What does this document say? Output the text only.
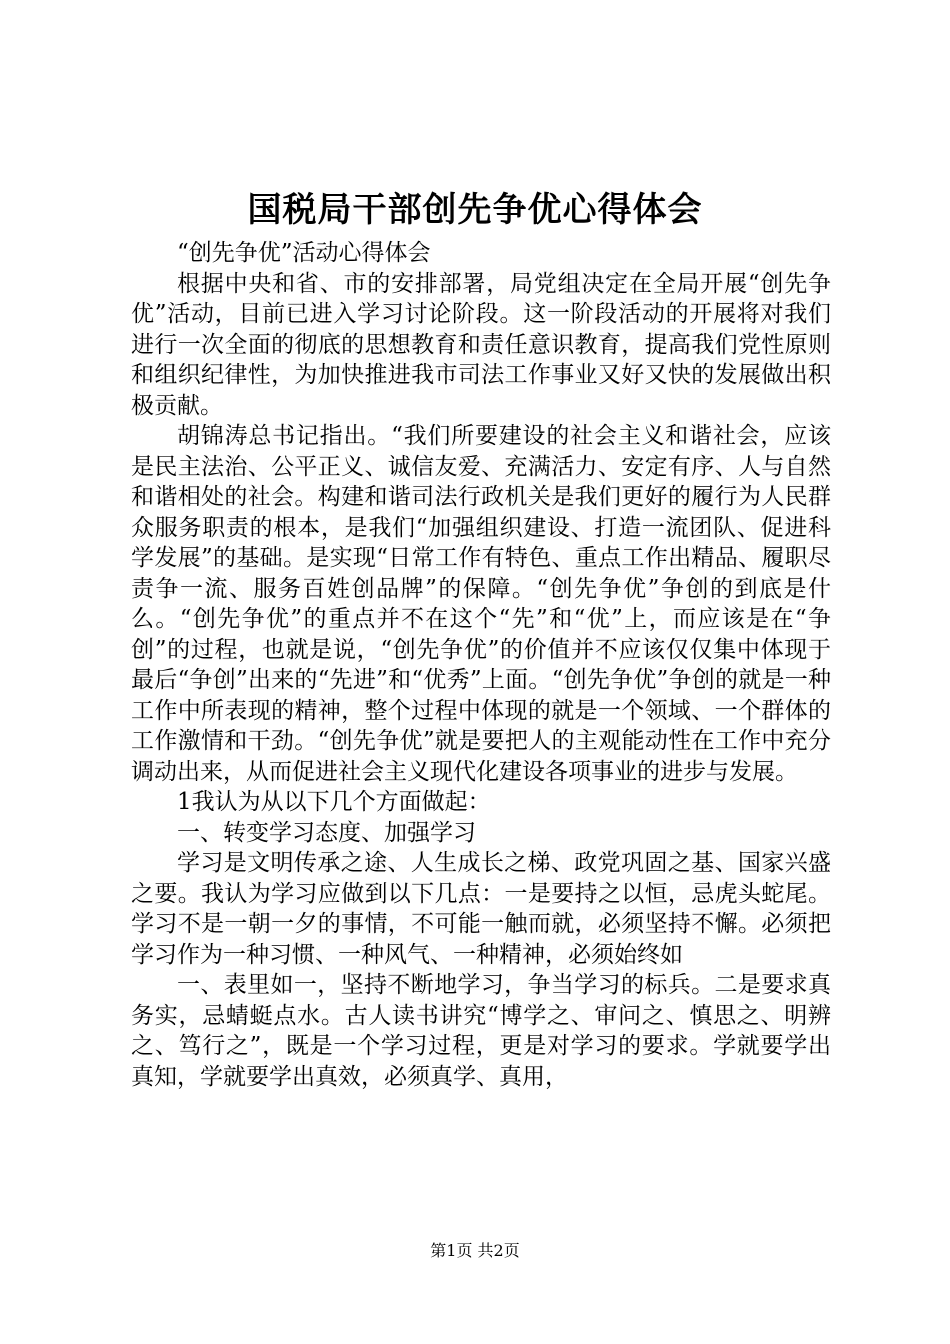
国税局干部创先争优心得体会

“创先争优”活动心得体会

根据中央和省、市的安排部署，局党组决定在全局开展“创先争优”活动，目前已进入学习讨论阶段。这一阶段活动的开展将对我们进行一次全面的彻底的思想教育和责任意识教育，提高我们党性原则和组织纪律性，为加快推进我市司法工作事业又好又快的发展做出积极贡献。

胡锦涛总书记指出。“我们所要建设的社会主义和谐社会，应该是民主法治、公平正义、诚信友爱、充满活力、安定有序、人与自然和谐相处的社会。构建和谐司法行政机关是我们更好的履行为人民群众服务职责的根本，是我们“加强组织建设、打造一流团队、促进科学发展”的基础。是实现“日常工作有特色、重点工作出精品、履职尽责争一流、服务百姓创品牌”的保障。“创先争优”争创的到底是什么。“创先争优”的重点并不在这个“先”和“优”上，而应该是在“争创”的过程，也就是说，“创先争优”的价值并不应该仅仅集中体现于最后“争创”出来的“先进”和“优秀”上面。“创先争优”争创的就是一种工作中所表现的精神，整个过程中体现的就是一个领域、一个群体的工作激情和干劲。“创先争优”就是要把人的主观能动性在工作中充分调动出来，从而促进社会主义现代化建设各项事业的进步与发展。

1我认为从以下几个方面做起：

一、转变学习态度、加强学习

学习是文明传承之途、人生成长之梯、政党巩固之基、国家兴盛之要。我认为学习应做到以下几点：一是要持之以恒，忌虎头蛇尾。学习不是一朝一夕的事情，不可能一触而就，必须坚持不懈。必须把学习作为一种习惯、一种风气、一种精神，必须始终如

一、表里如一，坚持不断地学习，争当学习的标兵。二是要求真务实，忌蜻蜓点水。古人读书讲究“博学之、审问之、慎思之、明辨之、笃行之”，既是一个学习过程，更是对学习的要求。学就要学出真知，学就要学出真效，必须真学、真用，

第1页 共2页
